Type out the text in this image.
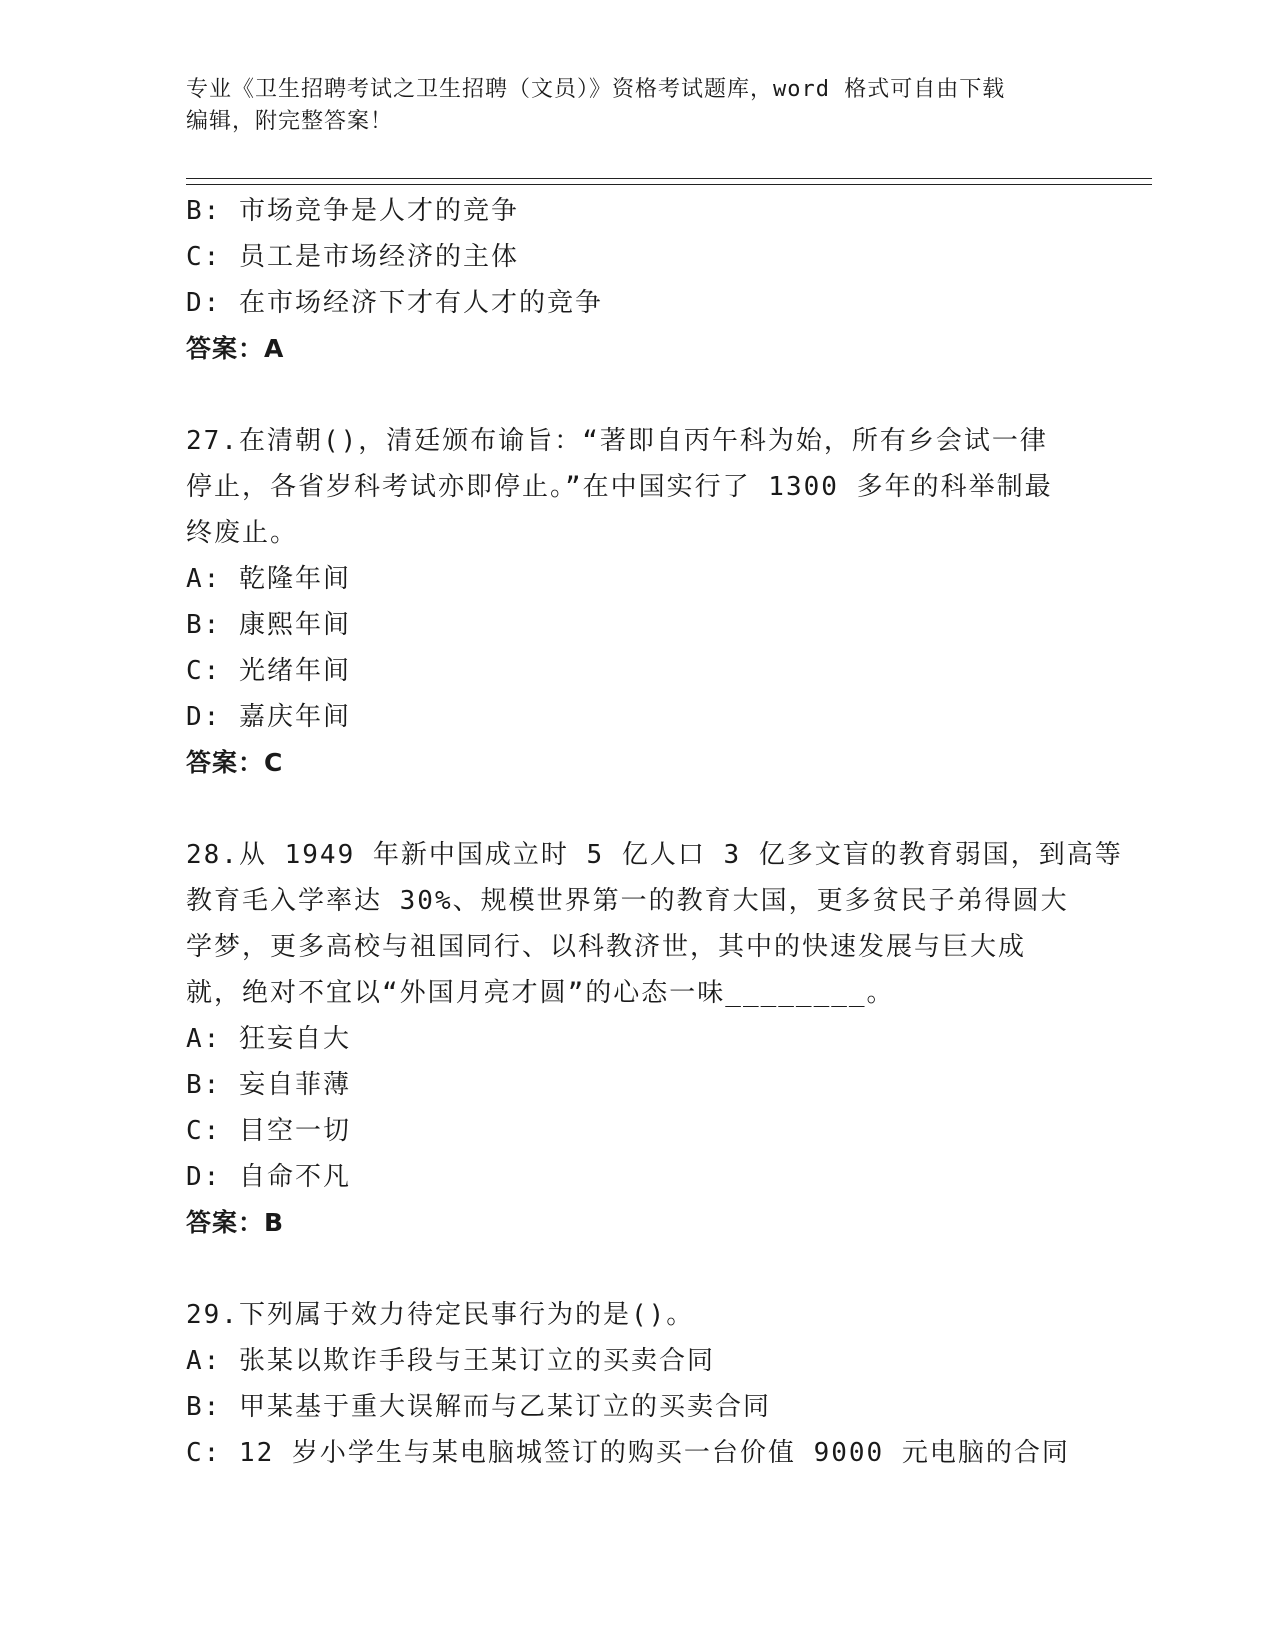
专业《卫生招聘考试之卫生招聘（文员）》资格考试题库，word 格式可自由下载
编辑，附完整答案！
B: 市场竞争是人才的竞争
C: 员工是市场经济的主体
D: 在市场经济下才有人才的竞争
答案：A
27.在清朝()，清廷颁布谕旨：“著即自丙午科为始，所有乡会试一律
停止，各省岁科考试亦即停止。”在中国实行了 1300 多年的科举制最
终废止。
A: 乾隆年间
B: 康熙年间
C: 光绪年间
D: 嘉庆年间
答案：C
28.从 1949 年新中国成立时 5 亿人口 3 亿多文盲的教育弱国，到高等
教育毛入学率达 30%、规模世界第一的教育大国，更多贫民子弟得圆大
学梦，更多高校与祖国同行、以科教济世，其中的快速发展与巨大成
就，绝对不宜以“外国月亮才圆”的心态一味________。
A: 狂妄自大
B: 妄自菲薄
C: 目空一切
D: 自命不凡
答案：B
29.下列属于效力待定民事行为的是()。
A: 张某以欺诈手段与王某订立的买卖合同
B: 甲某基于重大误解而与乙某订立的买卖合同
C: 12 岁小学生与某电脑城签订的购买一台价值 9000 元电脑的合同
